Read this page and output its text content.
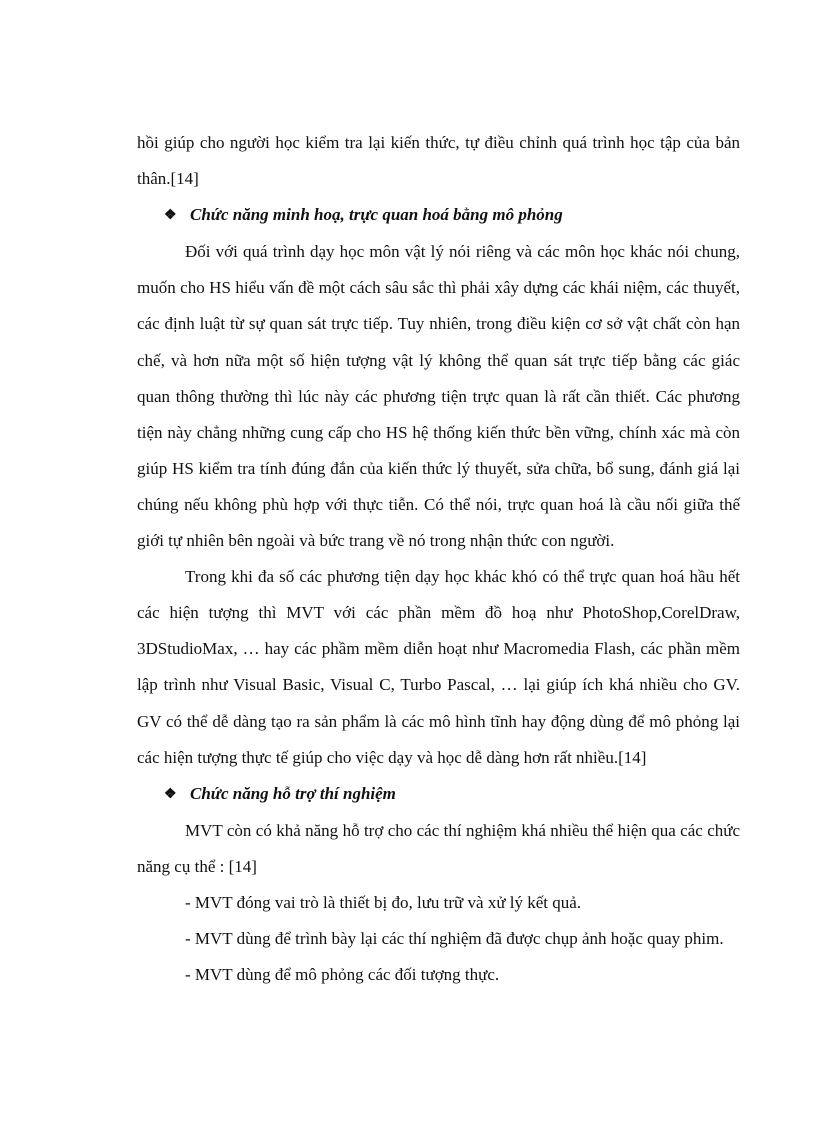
hồi giúp cho người học kiểm tra lại kiến thức, tự điều chỉnh quá trình học tập của bản thân.[14]

❖ Chức năng minh hoạ, trực quan hoá bằng mô phỏng

Đối với quá trình dạy học môn vật lý nói riêng và các môn học khác nói chung, muốn cho HS hiểu vấn đề một cách sâu sắc thì phải xây dựng các khái niệm, các thuyết, các định luật từ sự quan sát trực tiếp. Tuy nhiên, trong điều kiện cơ sở vật chất còn hạn chế, và hơn nữa một số hiện tượng vật lý không thể quan sát trực tiếp bằng các giác quan thông thường thì lúc này các phương tiện trực quan là rất cần thiết. Các phương tiện này chẳng những cung cấp cho HS hệ thống kiến thức bền vững, chính xác mà còn giúp HS kiểm tra tính đúng đắn của kiến thức lý thuyết, sửa chữa, bổ sung, đánh giá lại chúng nếu không phù hợp với thực tiễn. Có thể nói, trực quan hoá là cầu nối giữa thế giới tự nhiên bên ngoài và bức trang về nó trong nhận thức con người.

Trong khi đa số các phương tiện dạy học khác khó có thể trực quan hoá hầu hết các hiện tượng thì MVT với các phần mềm đồ hoạ như PhotoShop,CorelDraw, 3DStudioMax, … hay các phầm mềm diễn hoạt như Macromedia Flash, các phần mềm lập trình như Visual Basic, Visual C, Turbo Pascal, … lại giúp ích khá nhiều cho GV. GV có thể dễ dàng tạo ra sản phẩm là các mô hình tĩnh hay động dùng để mô phỏng lại các hiện tượng thực tế giúp cho việc dạy và học dễ dàng hơn rất nhiều.[14]

❖ Chức năng hỗ trợ thí nghiệm

MVT còn có khả năng hỗ trợ cho các thí nghiệm khá nhiều thể hiện qua các chức năng cụ thể : [14]

- MVT đóng vai trò là thiết bị đo, lưu trữ và xử lý kết quả.

- MVT dùng để trình bày lại các thí nghiệm đã được chụp ảnh hoặc quay phim.

- MVT dùng để mô phỏng các đối tượng thực.
